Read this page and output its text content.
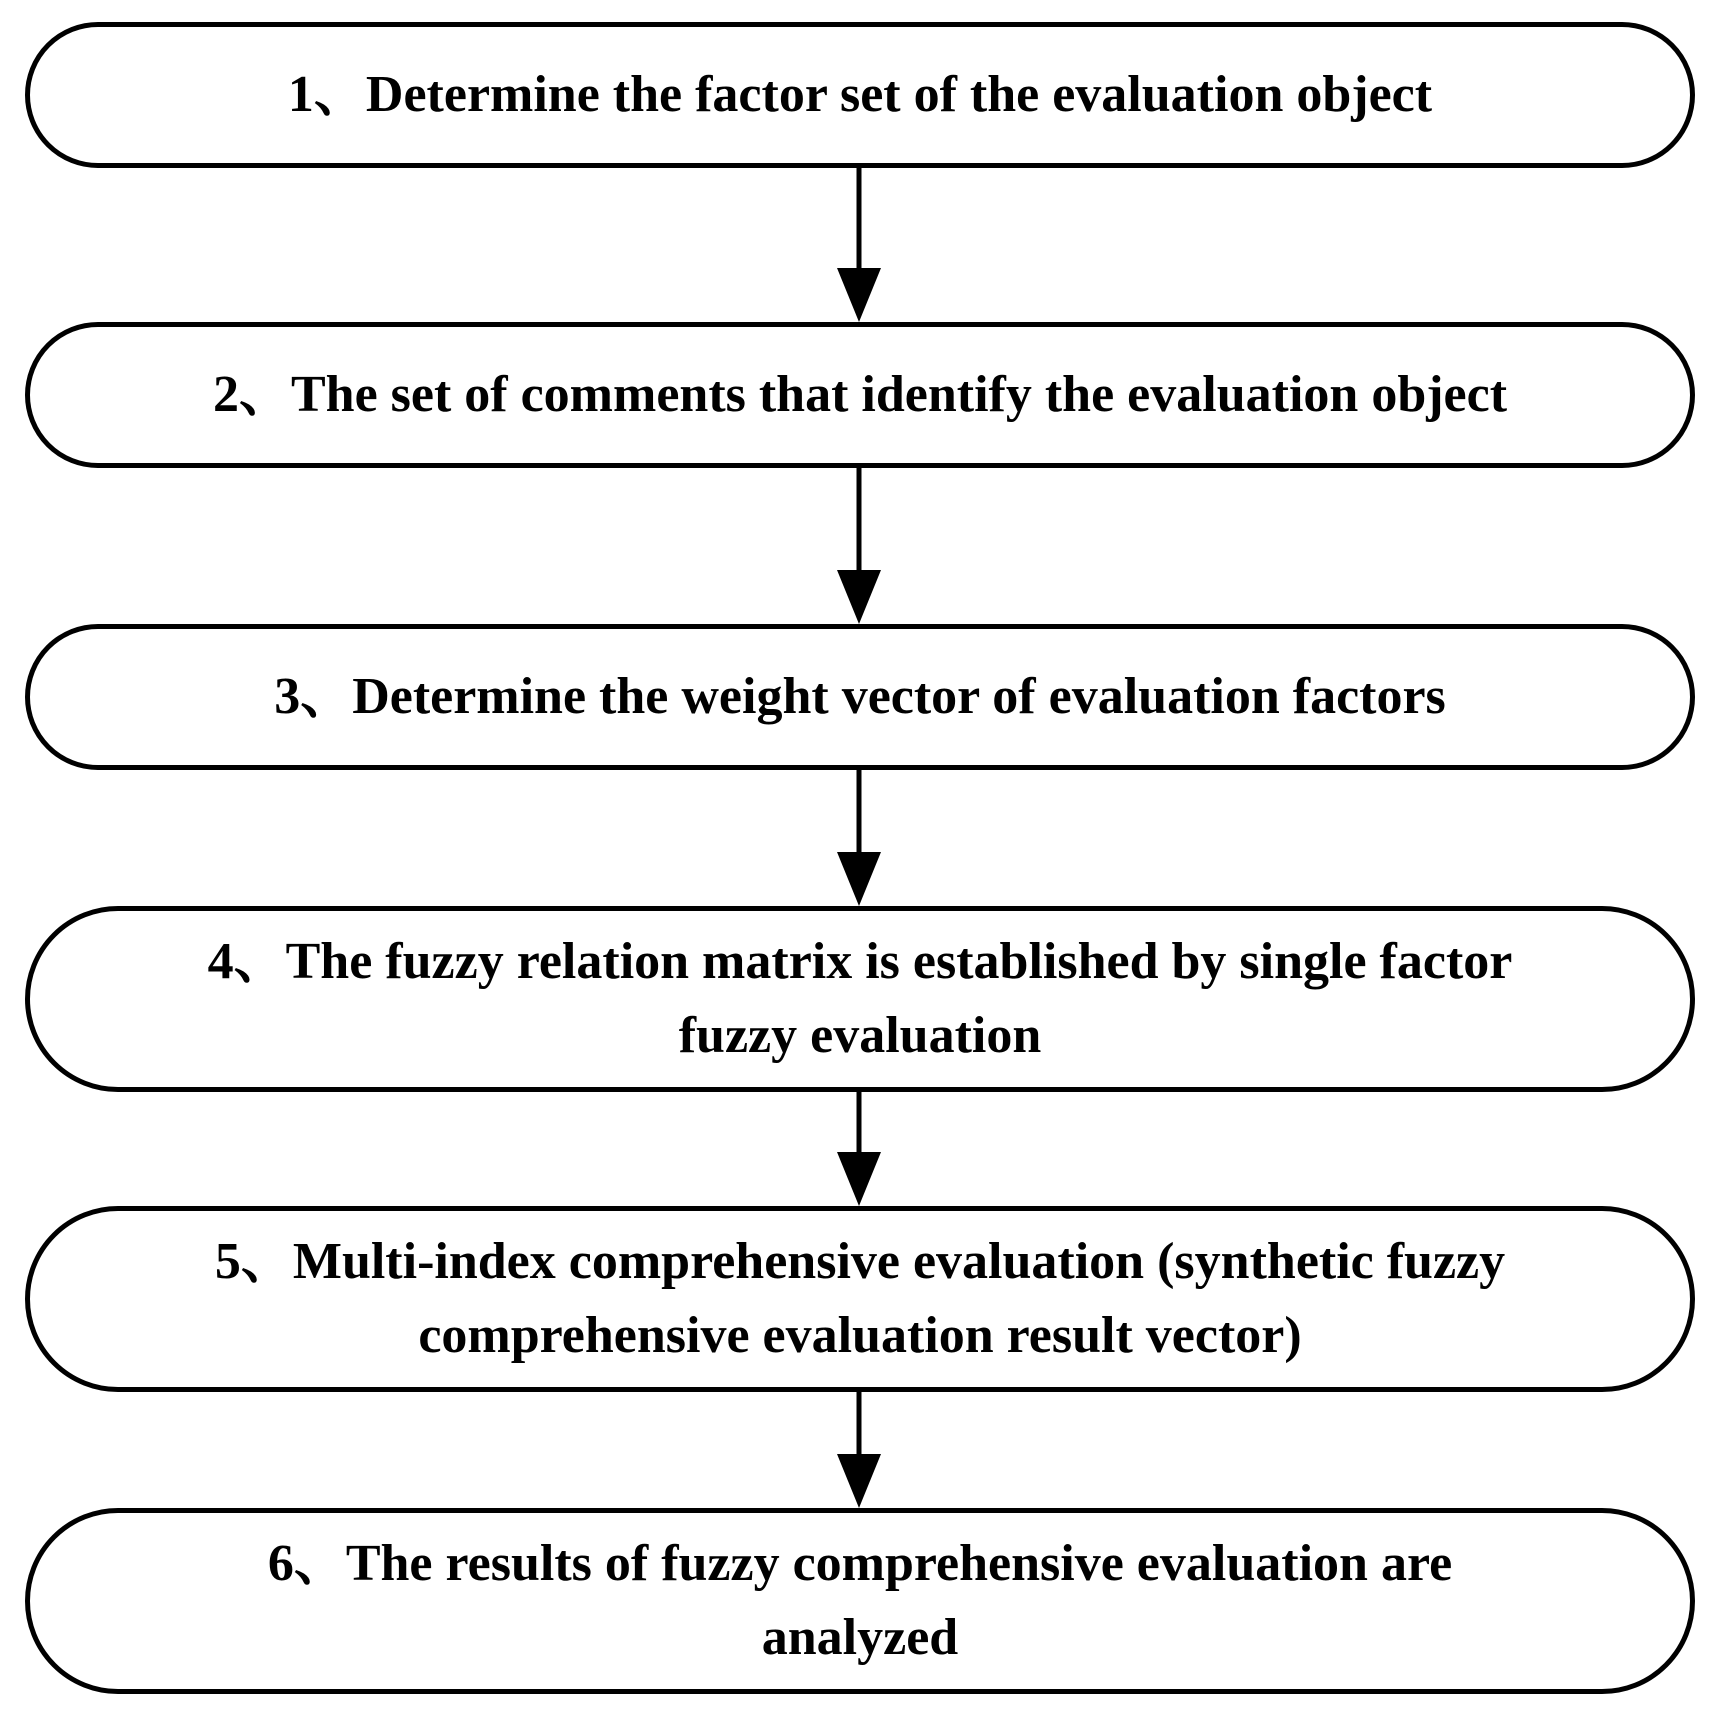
1、Determine the factor set of the evaluation object
2、The set of comments that identify the evaluation object
3、Determine the weight vector of evaluation factors
4、The fuzzy relation matrix is established by single factor
fuzzy evaluation
5、Multi-index comprehensive evaluation (synthetic fuzzy
comprehensive evaluation result vector)
6、The results of fuzzy comprehensive evaluation are
analyzed
